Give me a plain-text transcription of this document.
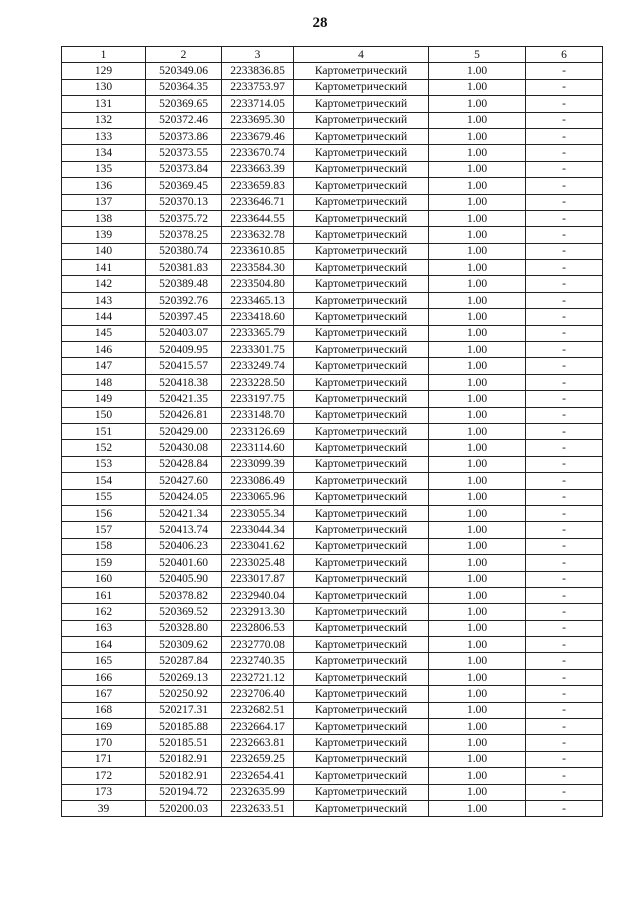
28
1	2	3	4	5	6
129	520349.06	2233836.85	Картометрический	1.00	-
130	520364.35	2233753.97	Картометрический	1.00	-
131	520369.65	2233714.05	Картометрический	1.00	-
132	520372.46	2233695.30	Картометрический	1.00	-
133	520373.86	2233679.46	Картометрический	1.00	-
134	520373.55	2233670.74	Картометрический	1.00	-
135	520373.84	2233663.39	Картометрический	1.00	-
136	520369.45	2233659.83	Картометрический	1.00	-
137	520370.13	2233646.71	Картометрический	1.00	-
138	520375.72	2233644.55	Картометрический	1.00	-
139	520378.25	2233632.78	Картометрический	1.00	-
140	520380.74	2233610.85	Картометрический	1.00	-
141	520381.83	2233584.30	Картометрический	1.00	-
142	520389.48	2233504.80	Картометрический	1.00	-
143	520392.76	2233465.13	Картометрический	1.00	-
144	520397.45	2233418.60	Картометрический	1.00	-
145	520403.07	2233365.79	Картометрический	1.00	-
146	520409.95	2233301.75	Картометрический	1.00	-
147	520415.57	2233249.74	Картометрический	1.00	-
148	520418.38	2233228.50	Картометрический	1.00	-
149	520421.35	2233197.75	Картометрический	1.00	-
150	520426.81	2233148.70	Картометрический	1.00	-
151	520429.00	2233126.69	Картометрический	1.00	-
152	520430.08	2233114.60	Картометрический	1.00	-
153	520428.84	2233099.39	Картометрический	1.00	-
154	520427.60	2233086.49	Картометрический	1.00	-
155	520424.05	2233065.96	Картометрический	1.00	-
156	520421.34	2233055.34	Картометрический	1.00	-
157	520413.74	2233044.34	Картометрический	1.00	-
158	520406.23	2233041.62	Картометрический	1.00	-
159	520401.60	2233025.48	Картометрический	1.00	-
160	520405.90	2233017.87	Картометрический	1.00	-
161	520378.82	2232940.04	Картометрический	1.00	-
162	520369.52	2232913.30	Картометрический	1.00	-
163	520328.80	2232806.53	Картометрический	1.00	-
164	520309.62	2232770.08	Картометрический	1.00	-
165	520287.84	2232740.35	Картометрический	1.00	-
166	520269.13	2232721.12	Картометрический	1.00	-
167	520250.92	2232706.40	Картометрический	1.00	-
168	520217.31	2232682.51	Картометрический	1.00	-
169	520185.88	2232664.17	Картометрический	1.00	-
170	520185.51	2232663.81	Картометрический	1.00	-
171	520182.91	2232659.25	Картометрический	1.00	-
172	520182.91	2232654.41	Картометрический	1.00	-
173	520194.72	2232635.99	Картометрический	1.00	-
39	520200.03	2232633.51	Картометрический	1.00	-
